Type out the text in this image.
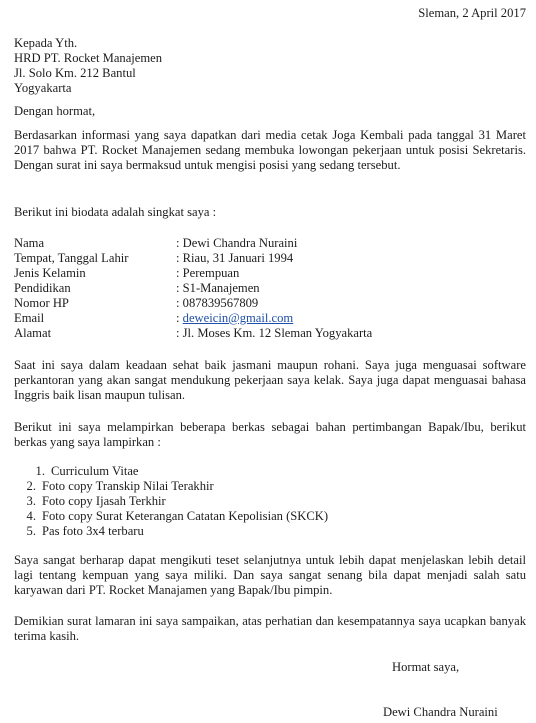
Sleman, 2 April 2017
Kepada Yth.
HRD PT. Rocket Manajemen
Jl. Solo Km. 212 Bantul
Yogyakarta
Dengan hormat,
Berdasarkan informasi yang saya dapatkan dari media cetak Joga Kembali pada tanggal 31 Maret 2017 bahwa PT. Rocket Manajemen sedang membuka lowongan pekerjaan untuk posisi Sekretaris. Dengan surat ini saya bermaksud untuk mengisi posisi yang sedang tersebut.
Berikut ini biodata adalah singkat saya :
Nama	: Dewi Chandra Nuraini
Tempat, Tanggal Lahir	: Riau, 31 Januari 1994
Jenis Kelamin	: Perempuan
Pendidikan	: S1-Manajemen
Nomor HP	: 087839567809
Email	: deweicin@gmail.com
Alamat	: Jl. Moses Km. 12 Sleman Yogyakarta
Saat ini saya dalam keadaan sehat baik jasmani maupun rohani. Saya juga menguasai software perkantoran yang akan sangat mendukung pekerjaan saya kelak. Saya juga dapat menguasai bahasa Inggris baik lisan maupun tulisan.
Berikut ini saya melampirkan beberapa berkas sebagai bahan pertimbangan Bapak/Ibu, berikut berkas yang saya lampirkan :
1. Curriculum Vitae
2. Foto copy Transkip Nilai Terakhir
3. Foto copy Ijasah Terkhir
4. Foto copy Surat Keterangan Catatan Kepolisian (SKCK)
5. Pas foto 3x4 terbaru
Saya sangat berharap dapat mengikuti teset selanjutnya untuk lebih dapat menjelaskan lebih detail lagi tentang kempuan yang saya miliki. Dan saya sangat senang bila dapat menjadi salah satu karyawan dari PT. Rocket Manajamen yang Bapak/Ibu pimpin.
Demikian surat lamaran ini saya sampaikan, atas perhatian dan kesempatannya saya ucapkan banyak terima kasih.
Hormat saya,
Dewi Chandra Nuraini
